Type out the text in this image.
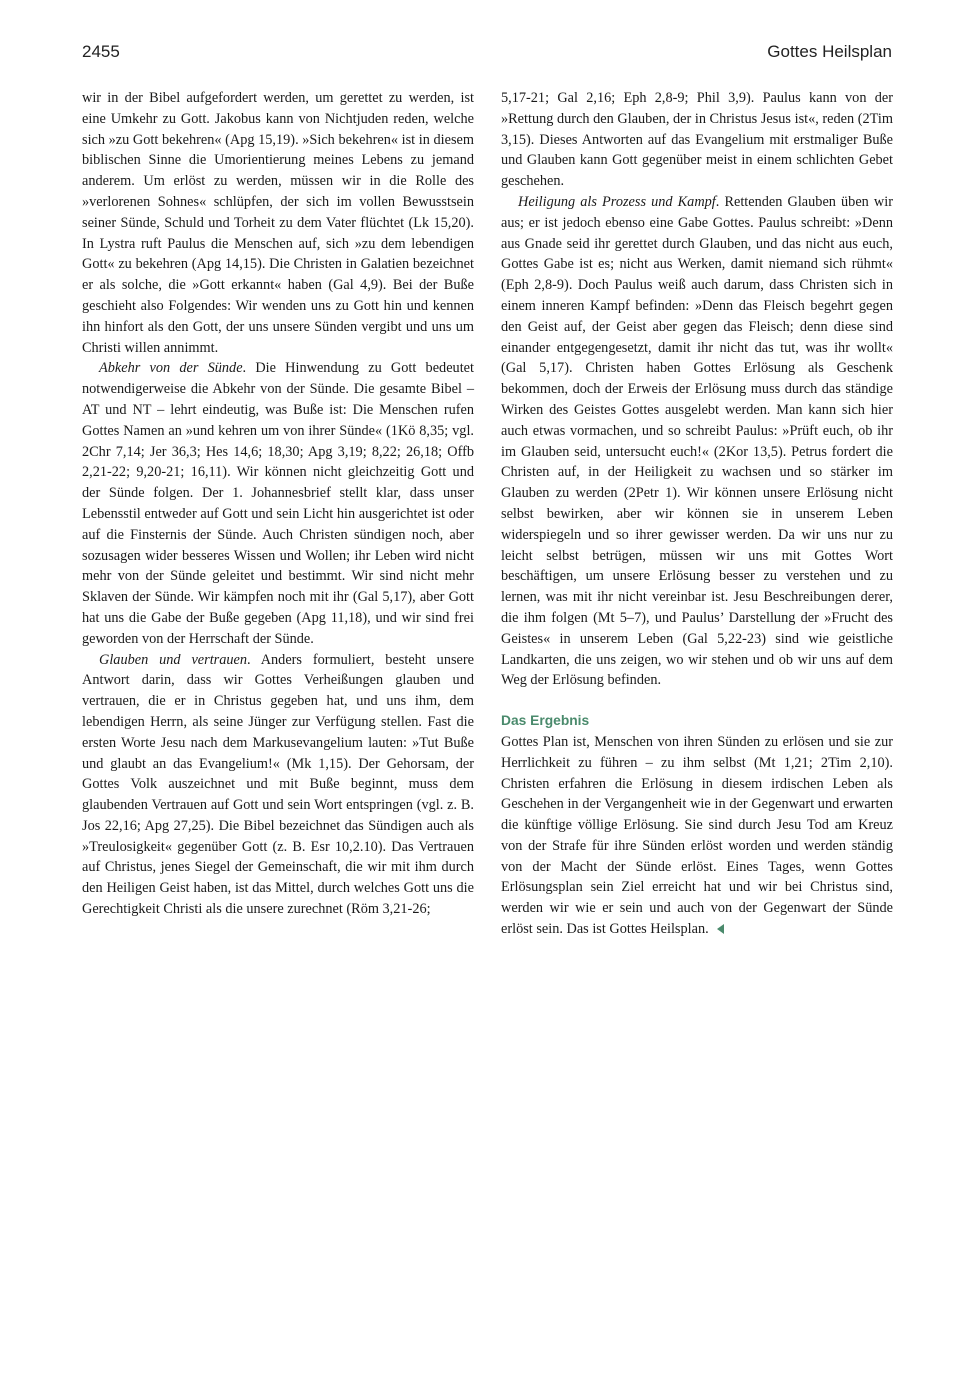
2455	Gottes Heilsplan

wir in der Bibel aufgefordert werden, um gerettet zu werden, ist eine Umkehr zu Gott. Jakobus kann von Nichtjuden reden, welche sich »zu Gott bekehren« (Apg 15,19). »Sich bekehren« ist in diesem biblischen Sinne die Umorientierung meines Lebens zu jemand anderem. Um erlöst zu werden, müssen wir in die Rolle des »verlorenen Sohnes« schlüpfen, der sich im vollen Bewusstsein seiner Sünde, Schuld und Torheit zu dem Vater flüchtet (Lk 15,20). In Lystra ruft Paulus die Menschen auf, sich »zu dem lebendigen Gott« zu bekehren (Apg 14,15). Die Christen in Galatien bezeichnet er als solche, die »Gott erkannt« haben (Gal 4,9). Bei der Buße geschieht also Folgendes: Wir wenden uns zu Gott hin und kennen ihn hinfort als den Gott, der uns unsere Sünden vergibt und uns um Christi willen annimmt.

Abkehr von der Sünde. Die Hinwendung zu Gott bedeutet notwendigerweise die Abkehr von der Sünde. Die gesamte Bibel – AT und NT – lehrt eindeutig, was Buße ist: Die Menschen rufen Gottes Namen an »und kehren um von ihrer Sünde« (1Kö 8,35; vgl. 2Chr 7,14; Jer 36,3; Hes 14,6; 18,30; Apg 3,19; 8,22; 26,18; Offb 2,21-22; 9,20-21; 16,11). Wir können nicht gleichzeitig Gott und der Sünde folgen. Der 1. Johannesbrief stellt klar, dass unser Lebensstil entweder auf Gott und sein Licht hin ausgerichtet ist oder auf die Finsternis der Sünde. Auch Christen sündigen noch, aber sozusagen wider besseres Wissen und Wollen; ihr Leben wird nicht mehr von der Sünde geleitet und bestimmt. Wir sind nicht mehr Sklaven der Sünde. Wir kämpfen noch mit ihr (Gal 5,17), aber Gott hat uns die Gabe der Buße gegeben (Apg 11,18), und wir sind frei geworden von der Herrschaft der Sünde.

Glauben und vertrauen. Anders formuliert, besteht unsere Antwort darin, dass wir Gottes Verheißungen glauben und vertrauen, die er in Christus gegeben hat, und uns ihm, dem lebendigen Herrn, als seine Jünger zur Verfügung stellen. Fast die ersten Worte Jesu nach dem Markusevangelium lauten: »Tut Buße und glaubt an das Evangelium!« (Mk 1,15). Der Gehorsam, der Gottes Volk auszeichnet und mit Buße beginnt, muss dem glaubenden Vertrauen auf Gott und sein Wort entspringen (vgl. z. B. Jos 22,16; Apg 27,25). Die Bibel bezeichnet das Sündigen auch als »Treulosigkeit« gegenüber Gott (z. B. Esr 10,2.10). Das Vertrauen auf Christus, jenes Siegel der Gemeinschaft, die wir mit ihm durch den Heiligen Geist haben, ist das Mittel, durch welches Gott uns die Gerechtigkeit Christi als die unsere zurechnet (Röm 3,21-26;

5,17-21; Gal 2,16; Eph 2,8-9; Phil 3,9). Paulus kann von der »Rettung durch den Glauben, der in Christus Jesus ist«, reden (2Tim 3,15). Dieses Antworten auf das Evangelium mit erstmaliger Buße und Glauben kann Gott gegenüber meist in einem schlichten Gebet geschehen.

Heiligung als Prozess und Kampf. Rettenden Glauben üben wir aus; er ist jedoch ebenso eine Gabe Gottes. Paulus schreibt: »Denn aus Gnade seid ihr gerettet durch Glauben, und das nicht aus euch, Gottes Gabe ist es; nicht aus Werken, damit niemand sich rühmt« (Eph 2,8-9). Doch Paulus weiß auch darum, dass Christen sich in einem inneren Kampf befinden: »Denn das Fleisch begehrt gegen den Geist auf, der Geist aber gegen das Fleisch; denn diese sind einander entgegengesetzt, damit ihr nicht das tut, was ihr wollt« (Gal 5,17). Christen haben Gottes Erlösung als Geschenk bekommen, doch der Erweis der Erlösung muss durch das ständige Wirken des Geistes Gottes ausgelebt werden. Man kann sich hier auch etwas vormachen, und so schreibt Paulus: »Prüft euch, ob ihr im Glauben seid, untersucht euch!« (2Kor 13,5). Petrus fordert die Christen auf, in der Heiligkeit zu wachsen und so stärker im Glauben zu werden (2Petr 1). Wir können unsere Erlösung nicht selbst bewirken, aber wir können sie in unserem Leben widerspiegeln und so ihrer gewisser werden. Da wir uns nur zu leicht selbst betrügen, müssen wir uns mit Gottes Wort beschäftigen, um unsere Erlösung besser zu verstehen und zu lernen, was mit ihr nicht vereinbar ist. Jesu Beschreibungen derer, die ihm folgen (Mt 5–7), und Paulus’ Darstellung der »Frucht des Geistes« in unserem Leben (Gal 5,22-23) sind wie geistliche Landkarten, die uns zeigen, wo wir stehen und ob wir uns auf dem Weg der Erlösung befinden.

Das Ergebnis

Gottes Plan ist, Menschen von ihren Sünden zu erlösen und sie zur Herrlichkeit zu führen – zu ihm selbst (Mt 1,21; 2Tim 2,10). Christen erfahren die Erlösung in diesem irdischen Leben als Geschehen in der Vergangenheit wie in der Gegenwart und erwarten die künftige völlige Erlösung. Sie sind durch Jesu Tod am Kreuz von der Strafe für ihre Sünden erlöst worden und werden ständig von der Macht der Sünde erlöst. Eines Tages, wenn Gottes Erlösungsplan sein Ziel erreicht hat und wir bei Christus sind, werden wir wie er sein und auch von der Gegenwart der Sünde erlöst sein. Das ist Gottes Heilsplan.
